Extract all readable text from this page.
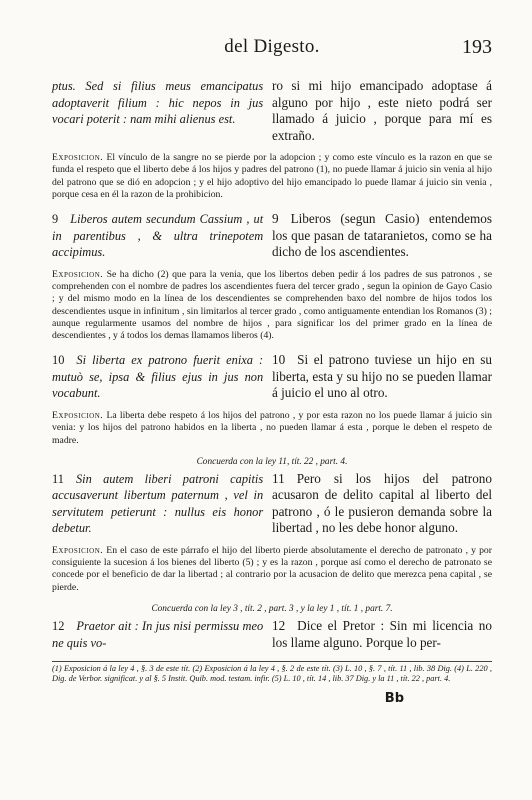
del Digesto.	193
ptus. Sed si filius meus emancipatus adoptaverit filium : hic nepos in jus vocari poterit : nam mihi alienus est.
ro si mi hijo emancipado adoptase á alguno por hijo , este nieto podrá ser llamado á juicio , porque para mí es extraño.
Exposicion. El vínculo de la sangre no se pierde por la adopcion ; y como este vínculo es la razon en que se funda el respeto que el liberto debe á los hijos y padres del patrono (1), no puede llamar á juicio sin venia al hijo del patrono que se dió en adopcion ; y el hijo adoptivo del hijo emancipado lo puede llamar á juicio sin venia , porque cesa en él la razon de la prohibicion.
9 Liberos autem secundum Cassium , ut in parentibus , & ultra trinepotem accipimus.
9 Liberos (segun Casio) entendemos los que pasan de tataranietos, como se ha dicho de los ascendientes.
Exposicion. Se ha dicho (2) que para la venia, que los libertos deben pedir á los padres de sus patronos , se comprehenden con el nombre de padres los ascendientes fuera del tercer grado , segun la opinion de Gayo Casio ; y del mismo modo en la línea de los descendientes se comprehenden baxo del nombre de hijos todos los descendientes usque in infinitum , sin limitarlos al tercer grado , como antiguamente entendian los Romanos (3) ; aunque regularmente usamos del nombre de hijos , para significar los del primer grado en la línea de descendientes , y á todos los demas llamamos liberos (4).
10 Si liberta ex patrono fuerit enixa : mutuò se, ipsa & filius ejus in jus non vocabunt.
10 Si el patrono tuviese un hijo en su liberta, esta y su hijo no se pueden llamar á juicio el uno al otro.
Exposicion. La liberta debe respeto á los hijos del patrono , y por esta razon no los puede llamar á juicio sin venia: y los hijos del patrono habidos en la liberta , no pueden llamar á esta , porque le deben el respeto de madre.
Concuerda con la ley 11, tít. 22 , part. 4.
11 Sin autem liberi patroni capitis accusaverunt libertum paternum , vel in servitutem petierunt : nullus eis honor debetur.
11 Pero si los hijos del patrono acusaron de delito capital al liberto del patrono , ó le pusieron demanda sobre la libertad , no les debe honor alguno.
Exposicion. En el caso de este párrafo el hijo del liberto pierde absolutamente el derecho de patronato , y por consiguiente la sucesion á los bienes del liberto (5) ; y es la razon , porque así como el derecho de patronato se concede por el beneficio de dar la libertad ; al contrario por la acusacion de delito que merezca pena capital , se pierde.
Concuerda con la ley 3 , tít. 2 , part. 3 , y la ley 1 , tít. 1 , part. 7.
12 Praetor ait : In jus nisi permissu meo ne quis vo-
12 Dice el Pretor : Sin mi licencia no los llame alguno. Porque lo per-
(1) Exposicion á la ley 4 , §. 3 de este tít. (2) Exposicion á la ley 4 , §. 2 de este tít. (3) L. 10 , §. 7 , tít. 11 , lib. 38 Dig. (4) L. 220 , Dig. de Verbor. significat. y al §. 5 Instit. Quib. mod. testam. infir. (5) L. 10 , tít. 14 , lib. 37 Dig. y la 11 , tít. 22 , part. 4.
Bb
